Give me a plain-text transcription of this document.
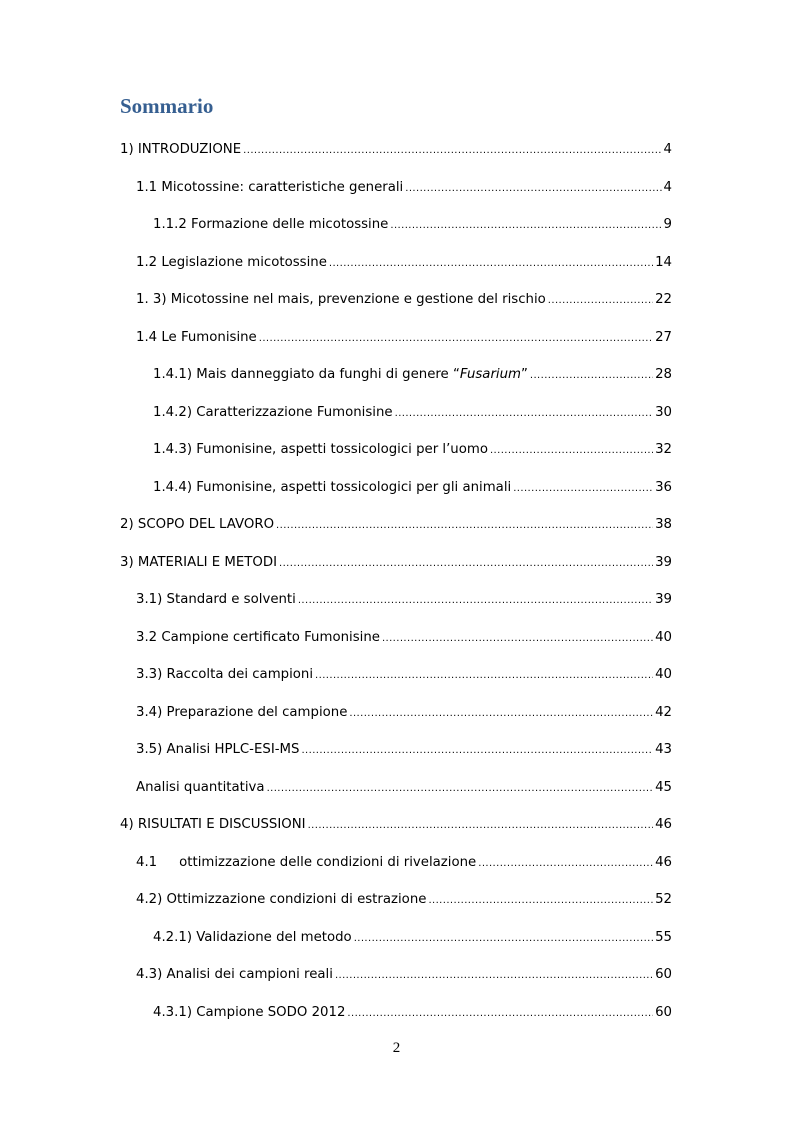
Sommario
1) INTRODUZIONE .....	4
1.1 Micotossine: caratteristiche generali .....	4
1.1.2 Formazione delle micotossine .....	9
1.2 Legislazione micotossine .....	14
1. 3) Micotossine nel mais, prevenzione e gestione del rischio .....	22
1.4 Le Fumonisine .....	27
1.4.1) Mais danneggiato da funghi di genere “Fusarium” .....	28
1.4.2) Caratterizzazione Fumonisine .....	30
1.4.3) Fumonisine, aspetti tossicologici per l’uomo .....	32
1.4.4) Fumonisine, aspetti tossicologici per gli animali .....	36
2) SCOPO DEL LAVORO .....	38
3) MATERIALI E METODI .....	39
3.1) Standard e solventi .....	39
3.2 Campione certificato Fumonisine .....	40
3.3) Raccolta dei campioni .....	40
3.4) Preparazione del campione .....	42
3.5) Analisi HPLC-ESI-MS .....	43
Analisi quantitativa .....	45
4) RISULTATI E DISCUSSIONI .....	46
4.1 ottimizzazione delle condizioni di rivelazione .....	46
4.2) Ottimizzazione condizioni di estrazione .....	52
4.2.1) Validazione del metodo .....	55
4.3) Analisi dei campioni reali .....	60
4.3.1) Campione SODO 2012 .....	60
2
